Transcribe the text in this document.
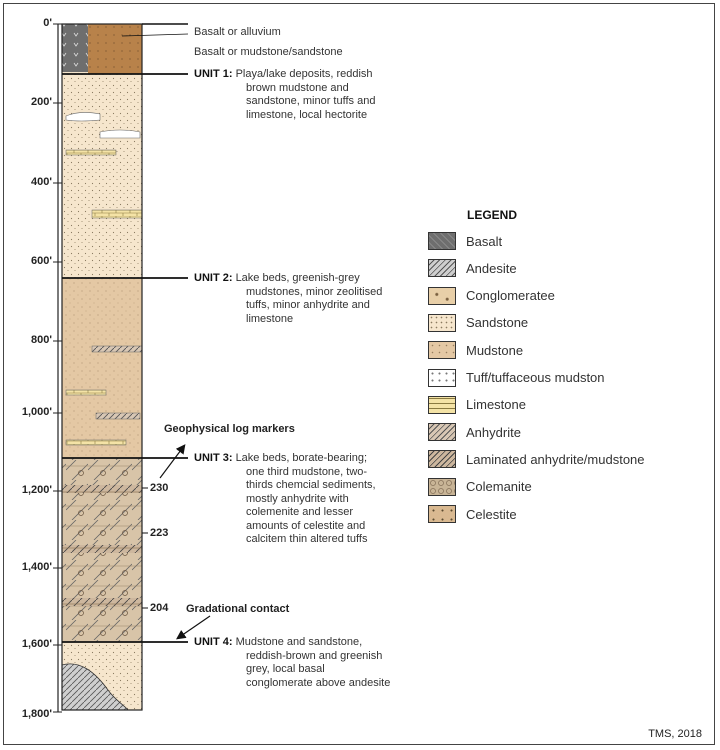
0'
200'
400'
600'
800'
1,000'
1,200'
1,400'
1,600'
1,800'
Basalt or alluvium
Basalt or mudstone/sandstone
UNIT 1: Playa/lake deposits, reddish
brown mudstone and
sandstone, minor tuffs and
limestone, local hectorite
UNIT 2: Lake beds, greenish-grey
mudstones, minor zeolitised
tuffs, minor anhydrite and
limestone
UNIT 3: Lake beds, borate-bearing;
one third mudstone, two-
thirds chemcial sediments,
mostly anhydrite with
colemenite and lesser
amounts of celestite and
calcitem thin altered tuffs
UNIT 4: Mudstone and sandstone,
reddish-brown and greenish
grey, local basal
conglomerate above andesite
230
223
204
Geophysical log markers
Gradational contact
LEGEND
Basalt
Andesite
Conglomeratee
Sandstone
Mudstone
Tuff/tuffaceous mudston
Limestone
Anhydrite
Laminated anhydrite/mudstone
Colemanite
Celestite
TMS, 2018
